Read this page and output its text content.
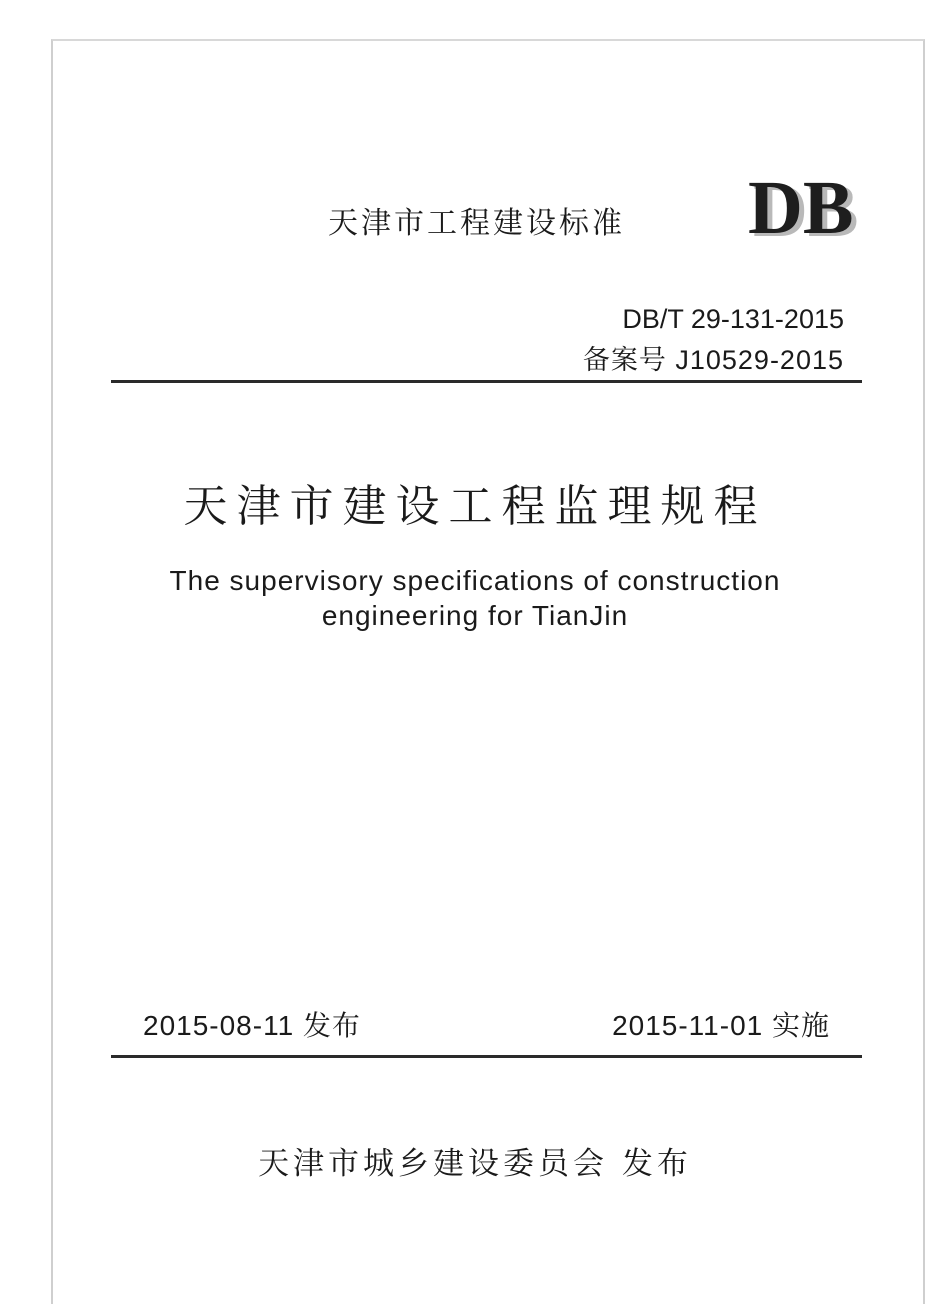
天津市工程建设标准 DB
DB/T 29-131-2015
备案号 J10529-2015
天津市建设工程监理规程
The supervisory specifications of construction
engineering for TianJin
2015-08-11 发布	2015-11-01 实施
天津市城乡建设委员会 发布
